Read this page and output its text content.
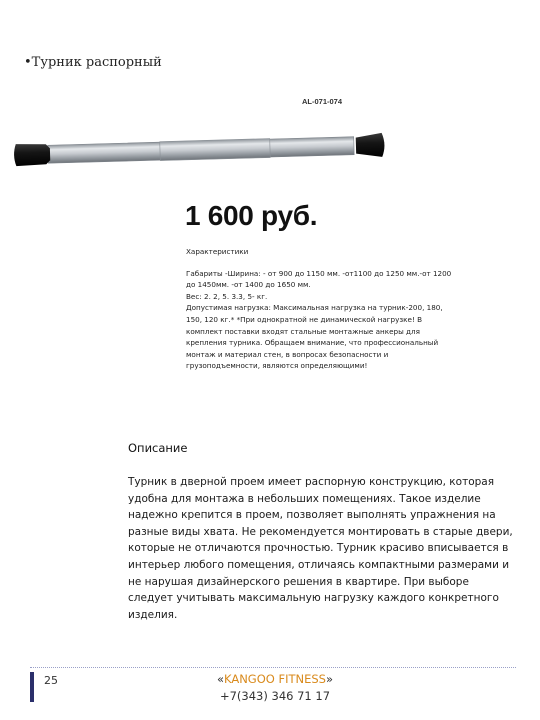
•Турник распорный
AL-071-074
1 600 руб.

Характеристики

Габариты -Ширина: - от 900 до 1150 мм. -от1100 до 1250 мм.-от 1200

до 1450мм. -от 1400 до 1650 мм.

Вес: 2. 2, 5. 3.3, 5- кг.

Допустимая нагрузка: Максимальная нагрузка на турник-200, 180,

150, 120 кг.* *При однократной не динамической нагрузке! В

комплект поставки входят стальные монтажные анкеры для

крепления турника. Обращаем внимание, что профессиональный

монтаж и материал стен, в вопросах безопасности и

грузоподъемности, являются определяющими!

Описание

Турник в дверной проем имеет распорную конструкцию, которая удобна для монтажа в небольших помещениях. Такое изделие надежно крепится в проем, позволяет выполнять упражнения на разные виды хвата. Не рекомендуется монтировать в старые двери, которые не отличаются прочностью. Турник красиво вписывается в интерьер любого помещения, отличаясь компактными размерами и не нарушая дизайнерского решения в квартире. При выборе следует учитывать максимальную нагрузку каждого конкретного изделия.

25	«KANGOO FITNESS»
+7(343) 346 71 17
